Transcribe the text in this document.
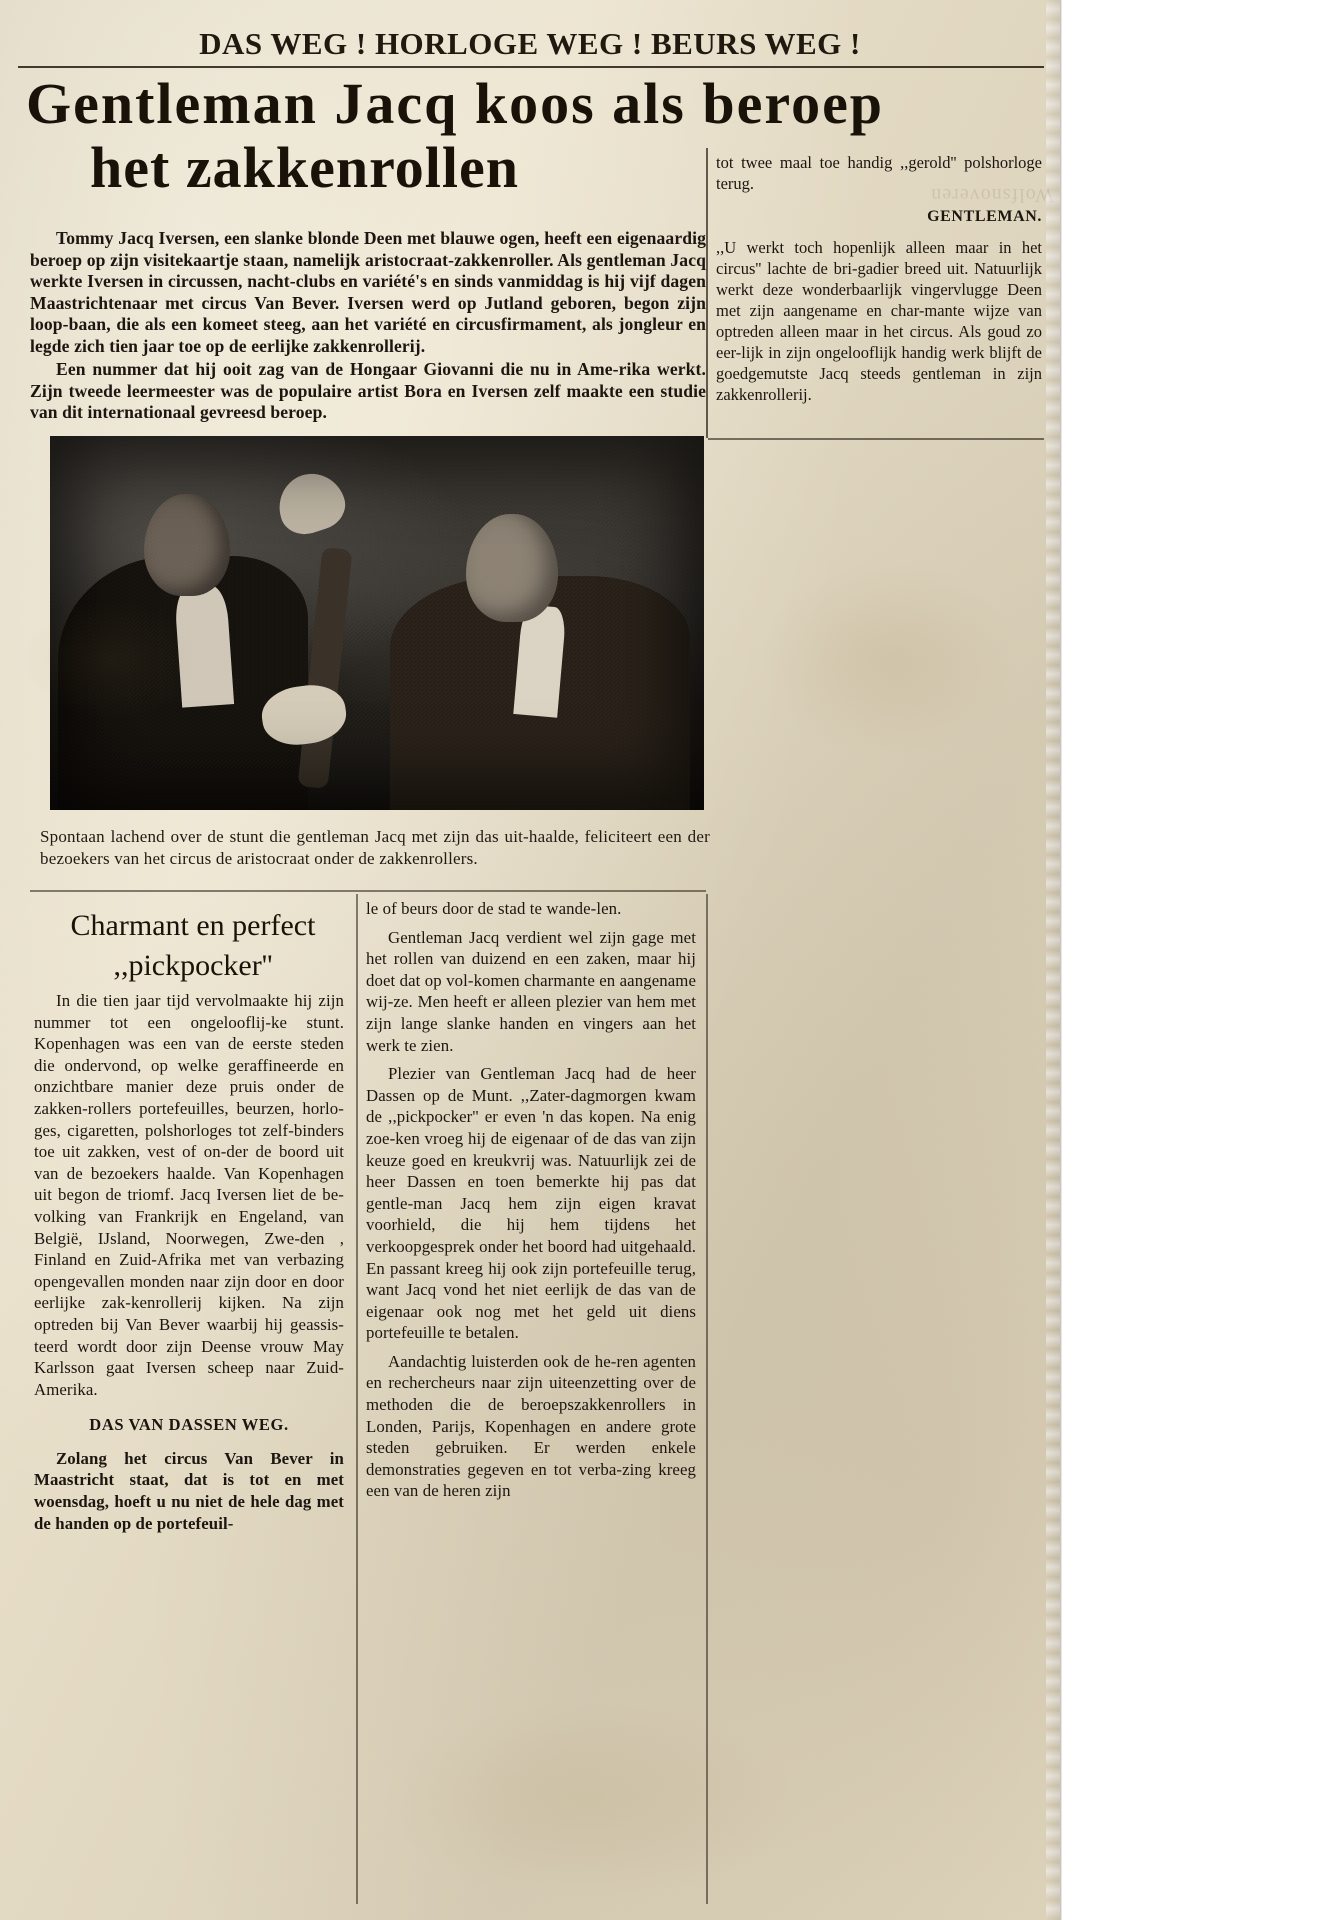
Wolfsnoveren
DAS WEG ! HORLOGE WEG ! BEURS WEG !
Gentleman Jacq koos als beroep
het zakkenrollen

Tommy Jacq Iversen, een slanke blonde Deen met blauwe ogen, heeft een eigenaardig beroep op zijn visitekaartje staan, namelijk aristocraat-zakkenroller. Als gentleman Jacq werkte Iversen in circussen, nacht-clubs en variété's en sinds vanmiddag is hij vijf dagen Maastrichtenaar met circus Van Bever. Iversen werd op Jutland geboren, begon zijn loop-baan, die als een komeet steeg, aan het variété en circusfirmament, als jongleur en legde zich tien jaar toe op de eerlijke zakkenrollerij.

Een nummer dat hij ooit zag van de Hongaar Giovanni die nu in Ame-rika werkt. Zijn tweede leermeester was de populaire artist Bora en Iversen zelf maakte een studie van dit internationaal gevreesd beroep.

tot twee maal toe handig ,,gerold'' polshorloge terug.

GENTLEMAN.

,,U werkt toch hopenlijk alleen maar in het circus'' lachte de bri-gadier breed uit. Natuurlijk werkt deze wonderbaarlijk vingervlugge Deen met zijn aangename en char-mante wijze van optreden alleen maar in het circus. Als goud zo eer-lijk in zijn ongelooflijk handig werk blijft de goedgemutste Jacq steeds gentleman in zijn zakkenrollerij.

Spontaan lachend over de stunt die gentleman Jacq met zijn das uit-haalde, feliciteert een der bezoekers van het circus de aristocraat onder de zakkenrollers.
Charmant en perfect ,,pickpocker''

In die tien jaar tijd vervolmaakte hij zijn nummer tot een ongelooflij-ke stunt. Kopenhagen was een van de eerste steden die ondervond, op welke geraffineerde en onzichtbare manier deze pruis onder de zakken-rollers portefeuilles, beurzen, horlo-ges, cigaretten, polshorloges tot zelf-binders toe uit zakken, vest of on-der de boord uit van de bezoekers haalde. Van Kopenhagen uit begon de triomf. Jacq Iversen liet de be-volking van Frankrijk en Engeland, van België, IJsland, Noorwegen, Zwe-den , Finland en Zuid-Afrika met van verbazing opengevallen monden naar zijn door en door eerlijke zak-kenrollerij kijken. Na zijn optreden bij Van Bever waarbij hij geassis-teerd wordt door zijn Deense vrouw May Karlsson gaat Iversen scheep naar Zuid-Amerika.

DAS VAN DASSEN WEG.

Zolang het circus Van Bever in Maastricht staat, dat is tot en met woensdag, hoeft u nu niet de hele dag met de handen op de portefeuil-

le of beurs door de stad te wande-len.

Gentleman Jacq verdient wel zijn gage met het rollen van duizend en een zaken, maar hij doet dat op vol-komen charmante en aangename wij-ze. Men heeft er alleen plezier van hem met zijn lange slanke handen en vingers aan het werk te zien.

Plezier van Gentleman Jacq had de heer Dassen op de Munt. ,,Zater-dagmorgen kwam de ,,pickpocker'' er even 'n das kopen. Na enig zoe-ken vroeg hij de eigenaar of de das van zijn keuze goed en kreukvrij was. Natuurlijk zei de heer Dassen en toen bemerkte hij pas dat gentle-man Jacq hem zijn eigen kravat voorhield, die hij hem tijdens het verkoopgesprek onder het boord had uitgehaald. En passant kreeg hij ook zijn portefeuille terug, want Jacq vond het niet eerlijk de das van de eigenaar ook nog met het geld uit diens portefeuille te betalen.

Aandachtig luisterden ook de he-ren agenten en rechercheurs naar zijn uiteenzetting over de methoden die de beroepszakkenrollers in Londen, Parijs, Kopenhagen en andere grote steden gebruiken. Er werden enkele demonstraties gegeven en tot verba-zing kreeg een van de heren zijn
